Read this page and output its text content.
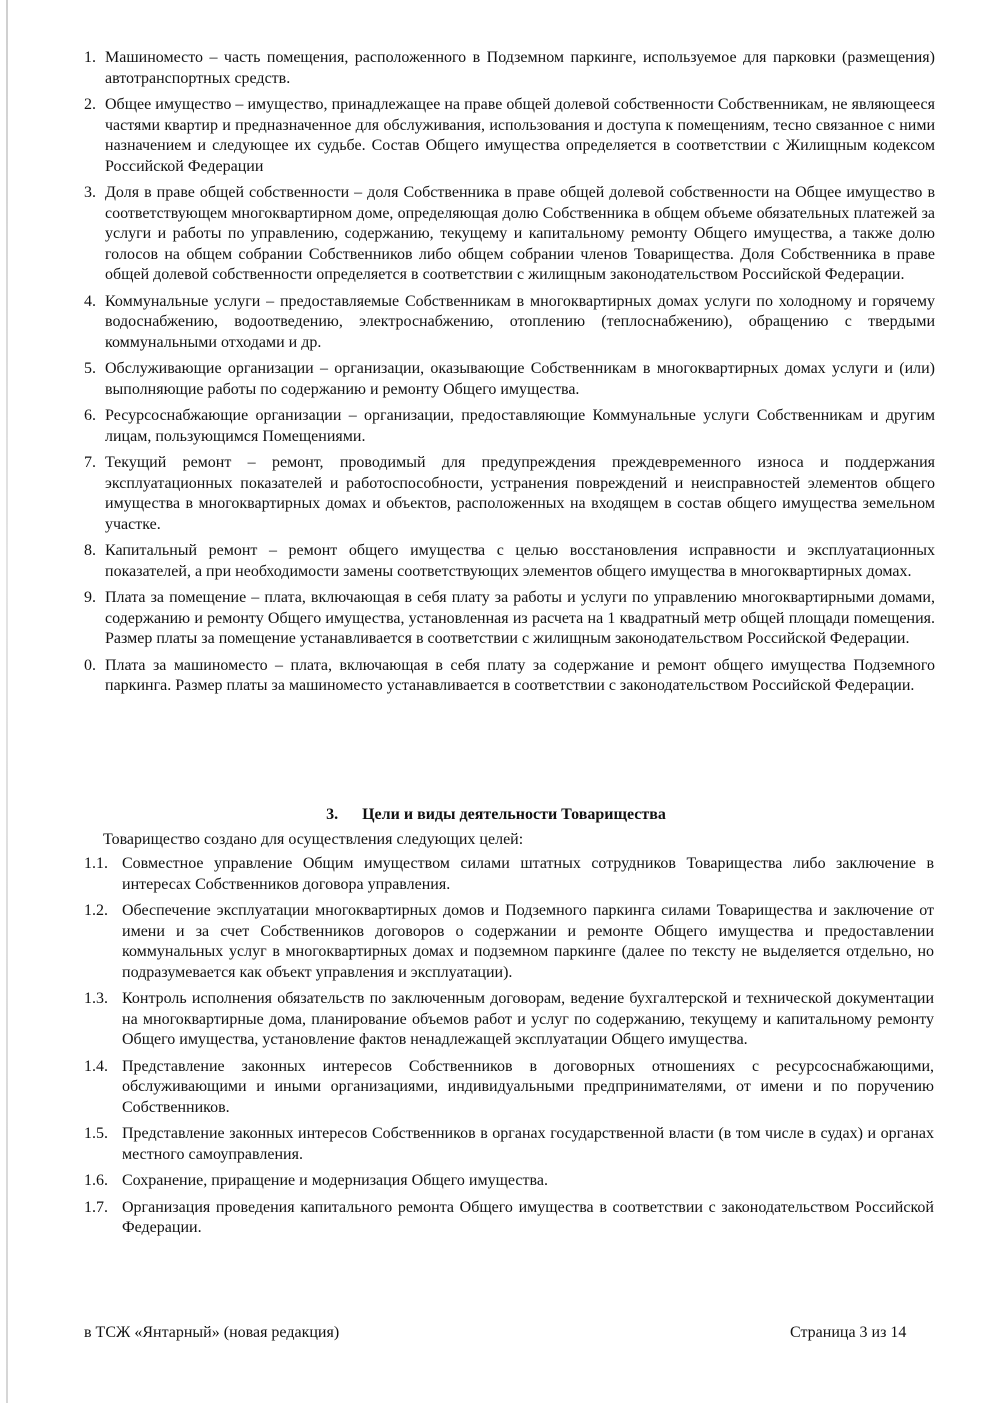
1. Машиноместо – часть помещения, расположенного в Подземном паркинге, используемое для парковки (размещения) автотранспортных средств.
2. Общее имущество – имущество, принадлежащее на праве общей долевой собственности Собственникам, не являющееся частями квартир и предназначенное для обслуживания, использования и доступа к помещениям, тесно связанное с ними назначением и следующее их судьбе. Состав Общего имущества определяется в соответствии с Жилищным кодексом Российской Федерации
3. Доля в праве общей собственности – доля Собственника в праве общей долевой собственности на Общее имущество в соответствующем многоквартирном доме, определяющая долю Собственника в общем объеме обязательных платежей за услуги и работы по управлению, содержанию, текущему и капитальному ремонту Общего имущества, а также долю голосов на общем собрании Собственников либо общем собрании членов Товарищества. Доля Собственника в праве общей долевой собственности определяется в соответствии с жилищным законодательством Российской Федерации.
4. Коммунальные услуги – предоставляемые Собственникам в многоквартирных домах услуги по холодному и горячему водоснабжению, водоотведению, электроснабжению, отоплению (теплоснабжению), обращению с твердыми коммунальными отходами и др.
5. Обслуживающие организации – организации, оказывающие Собственникам в многоквартирных домах услуги и (или) выполняющие работы по содержанию и ремонту Общего имущества.
6. Ресурсоснабжающие организации – организации, предоставляющие Коммунальные услуги Собственникам и другим лицам, пользующимся Помещениями.
7. Текущий ремонт – ремонт, проводимый для предупреждения преждевременного износа и поддержания эксплуатационных показателей и работоспособности, устранения повреждений и неисправностей элементов общего имущества в многоквартирных домах и объектов, расположенных на входящем в состав общего имущества земельном участке.
8. Капитальный ремонт – ремонт общего имущества с целью восстановления исправности и эксплуатационных показателей, а при необходимости замены соответствующих элементов общего имущества в многоквартирных домах.
9. Плата за помещение – плата, включающая в себя плату за работы и услуги по управлению многоквартирными домами, содержанию и ремонту Общего имущества, установленная из расчета на 1 квадратный метр общей площади помещения. Размер платы за помещение устанавливается в соответствии с жилищным законодательством Российской Федерации.
0. Плата за машиноместо – плата, включающая в себя плату за содержание и ремонт общего имущества Подземного паркинга. Размер платы за машиноместо устанавливается в соответствии с законодательством Российской Федерации.
3. Цели и виды деятельности Товарищества
Товарищество создано для осуществления следующих целей:
1.1. Совместное управление Общим имуществом силами штатных сотрудников Товарищества либо заключение в интересах Собственников договора управления.
1.2. Обеспечение эксплуатации многоквартирных домов и Подземного паркинга силами Товарищества и заключение от имени и за счет Собственников договоров о содержании и ремонте Общего имущества и предоставлении коммунальных услуг в многоквартирных домах и подземном паркинге (далее по тексту не выделяется отдельно, но подразумевается как объект управления и эксплуатации).
1.3. Контроль исполнения обязательств по заключенным договорам, ведение бухгалтерской и технической документации на многоквартирные дома, планирование объемов работ и услуг по содержанию, текущему и капитальному ремонту Общего имущества, установление фактов ненадлежащей эксплуатации Общего имущества.
1.4. Представление законных интересов Собственников в договорных отношениях с ресурсоснабжающими, обслуживающими и иными организациями, индивидуальными предпринимателями, от имени и по поручению Собственников.
1.5. Представление законных интересов Собственников в органах государственной власти (в том числе в судах) и органах местного самоуправления.
1.6. Сохранение, приращение и модернизация Общего имущества.
1.7. Организация проведения капитального ремонта Общего имущества в соответствии с законодательством Российской Федерации.
в ТСЖ «Янтарный» (новая редакция)	Страница 3 из 14
